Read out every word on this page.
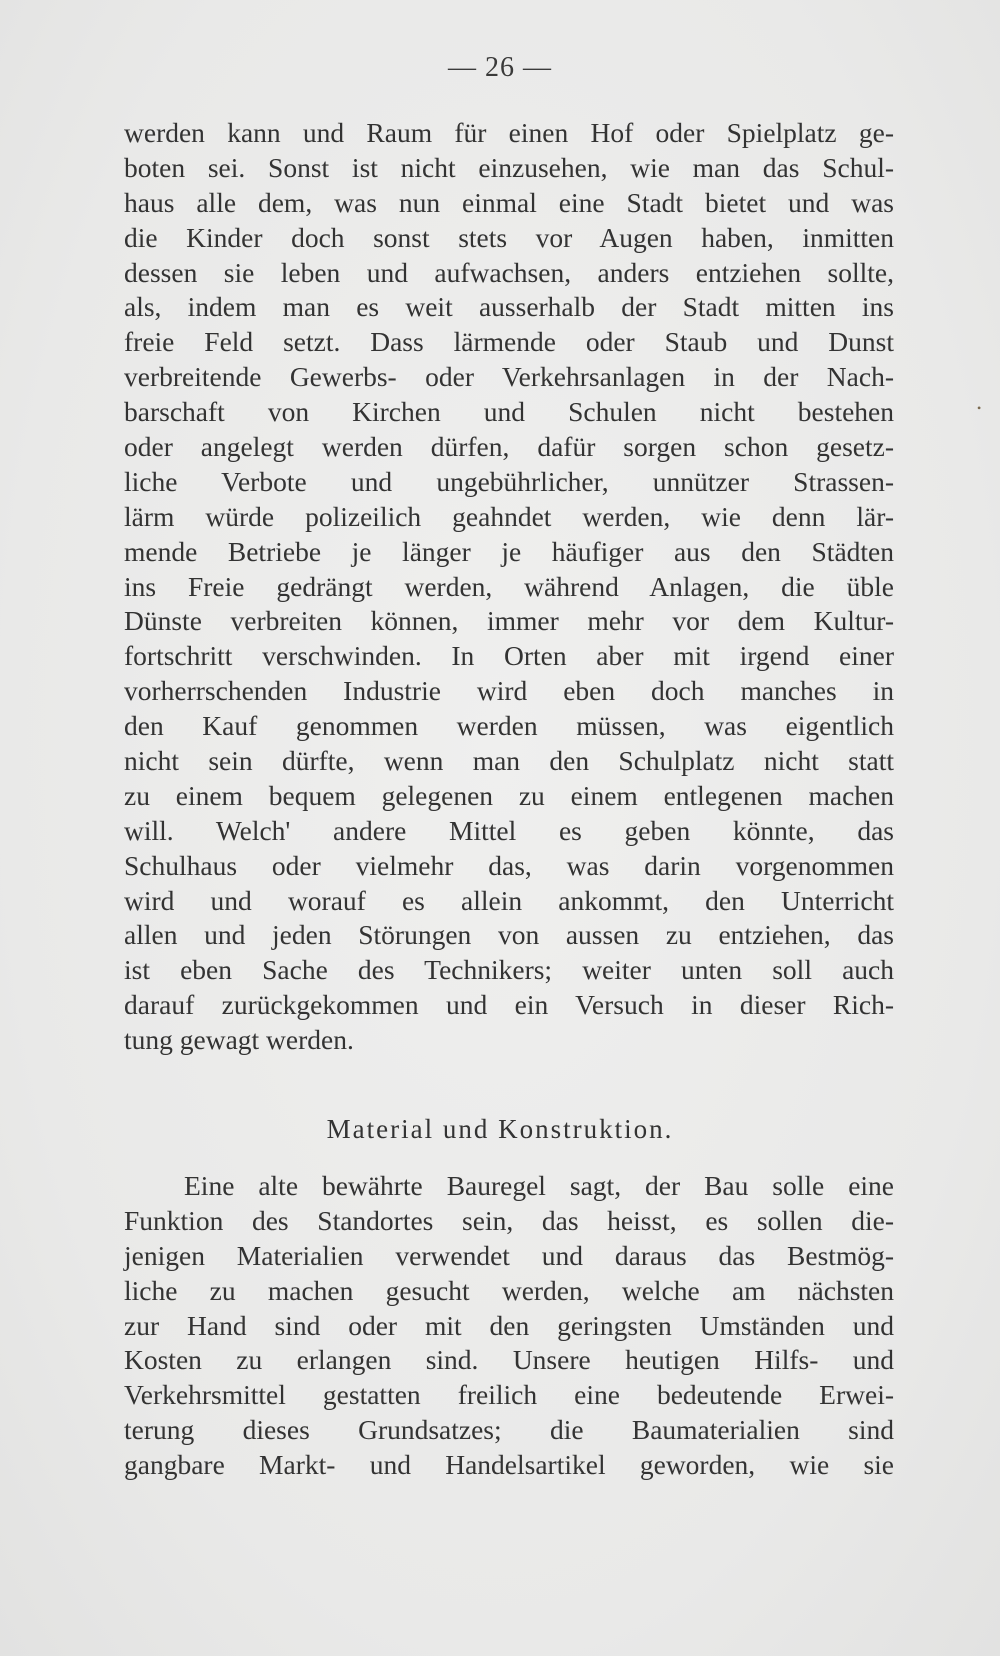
— 26 —
werden kann und Raum für einen Hof oder Spielplatz ge-
boten sei. Sonst ist nicht einzusehen, wie man das Schul-
haus alle dem, was nun einmal eine Stadt bietet und was
die Kinder doch sonst stets vor Augen haben, inmitten
dessen sie leben und aufwachsen, anders entziehen sollte,
als, indem man es weit ausserhalb der Stadt mitten ins
freie Feld setzt. Dass lärmende oder Staub und Dunst
verbreitende Gewerbs- oder Verkehrsanlagen in der Nach-
barschaft von Kirchen und Schulen nicht bestehen
oder angelegt werden dürfen, dafür sorgen schon gesetz-
liche Verbote und ungebührlicher, unnützer Strassen-
lärm würde polizeilich geahndet werden, wie denn lär-
mende Betriebe je länger je häufiger aus den Städten
ins Freie gedrängt werden, während Anlagen, die üble
Dünste verbreiten können, immer mehr vor dem Kultur-
fortschritt verschwinden. In Orten aber mit irgend einer
vorherrschenden Industrie wird eben doch manches in
den Kauf genommen werden müssen, was eigentlich
nicht sein dürfte, wenn man den Schulplatz nicht statt
zu einem bequem gelegenen zu einem entlegenen machen
will. Welch' andere Mittel es geben könnte, das
Schulhaus oder vielmehr das, was darin vorgenommen
wird und worauf es allein ankommt, den Unterricht
allen und jeden Störungen von aussen zu entziehen, das
ist eben Sache des Technikers; weiter unten soll auch
darauf zurückgekommen und ein Versuch in dieser Rich-
tung gewagt werden.
Material und Konstruktion.
Eine alte bewährte Bauregel sagt, der Bau solle eine
Funktion des Standortes sein, das heisst, es sollen die-
jenigen Materialien verwendet und daraus das Bestmög-
liche zu machen gesucht werden, welche am nächsten
zur Hand sind oder mit den geringsten Umständen und
Kosten zu erlangen sind. Unsere heutigen Hilfs- und
Verkehrsmittel gestatten freilich eine bedeutende Erwei-
terung dieses Grundsatzes; die Baumaterialien sind
gangbare Markt- und Handelsartikel geworden, wie sie
•
